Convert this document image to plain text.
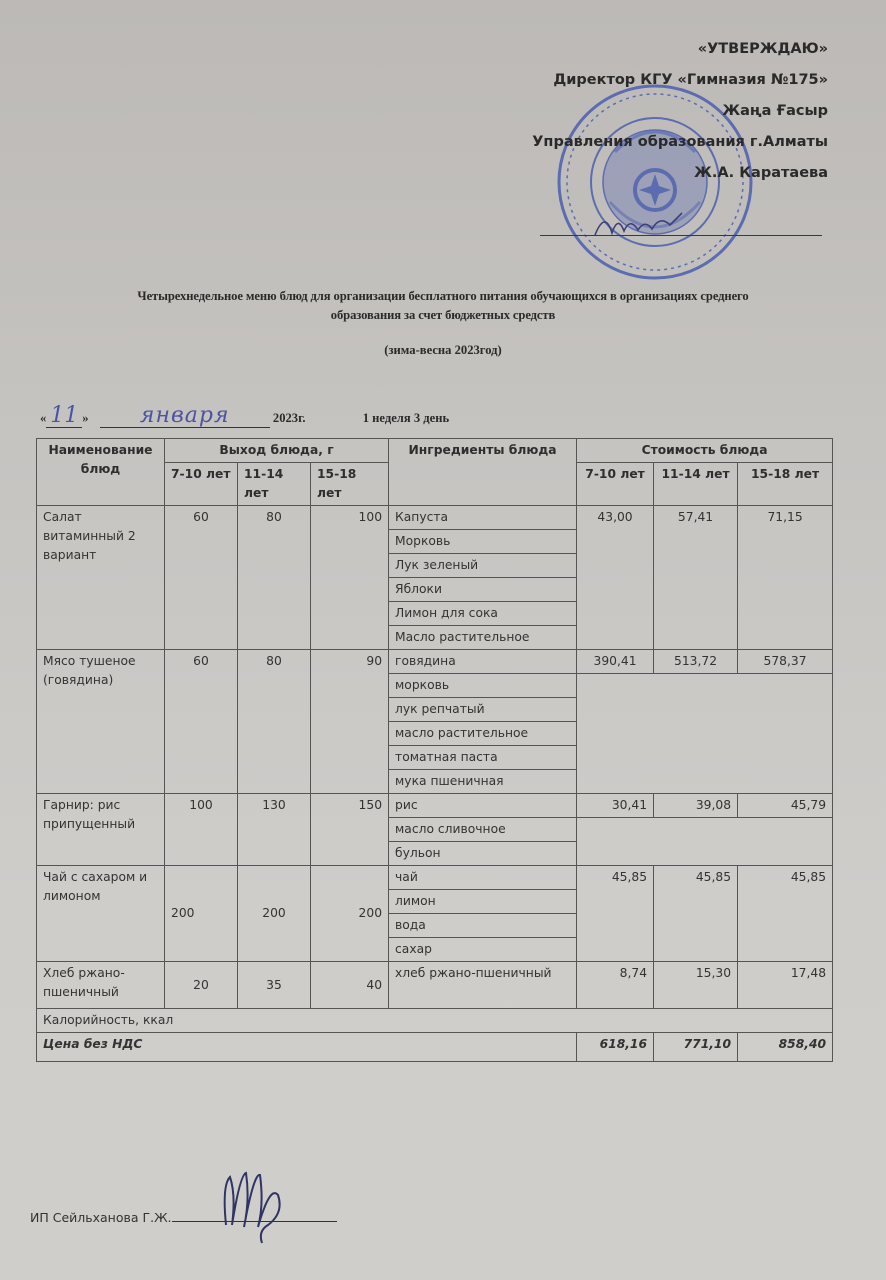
«УТВЕРЖДАЮ»
Директор КГУ «Гимназия №175»
Жаңа Ғасыр
Управления образования г.Алматы
Ж.А. Каратаева
Четырехнедельное меню блюд для организации бесплатного питания обучающихся в организациях среднего
образования за счет бюджетных средств
(зима-весна 2023год)
« 11 » января	2023г.	1 неделя 3 день
Наименование блюд	Выход блюда, г			Ингредиенты блюда	Стоимость блюда		
	7-10 лет	11-14 лет	15-18 лет		7-10 лет	11-14 лет	15-18 лет
Салат витаминный 2 вариант	60	80	100	Капуста	43,00	57,41	71,15
				Морковь			
				Лук зеленый			
				Яблоки			
				Лимон для сока			
				Масло растительное			
Мясо тушеное (говядина)	60	80	90	говядина	390,41	513,72	578,37
				морковь			
				лук репчатый			
				масло растительное			
				томатная паста			
				мука пшеничная			
Гарнир: рис припущенный	100	130	150	рис	30,41	39,08	45,79
				масло сливочное			
				бульон			
Чай с сахаром и лимоном	200	200	200	чай	45,85	45,85	45,85
				лимон			
				вода			
				сахар			
Хлеб ржано-пшеничный	20	35	40	хлеб ржано-пшеничный	8,74	15,30	17,48
Калорийность, ккал							
Цена без НДС					618,16	771,10	858,40
ИП Сейльханова Г.Ж.
